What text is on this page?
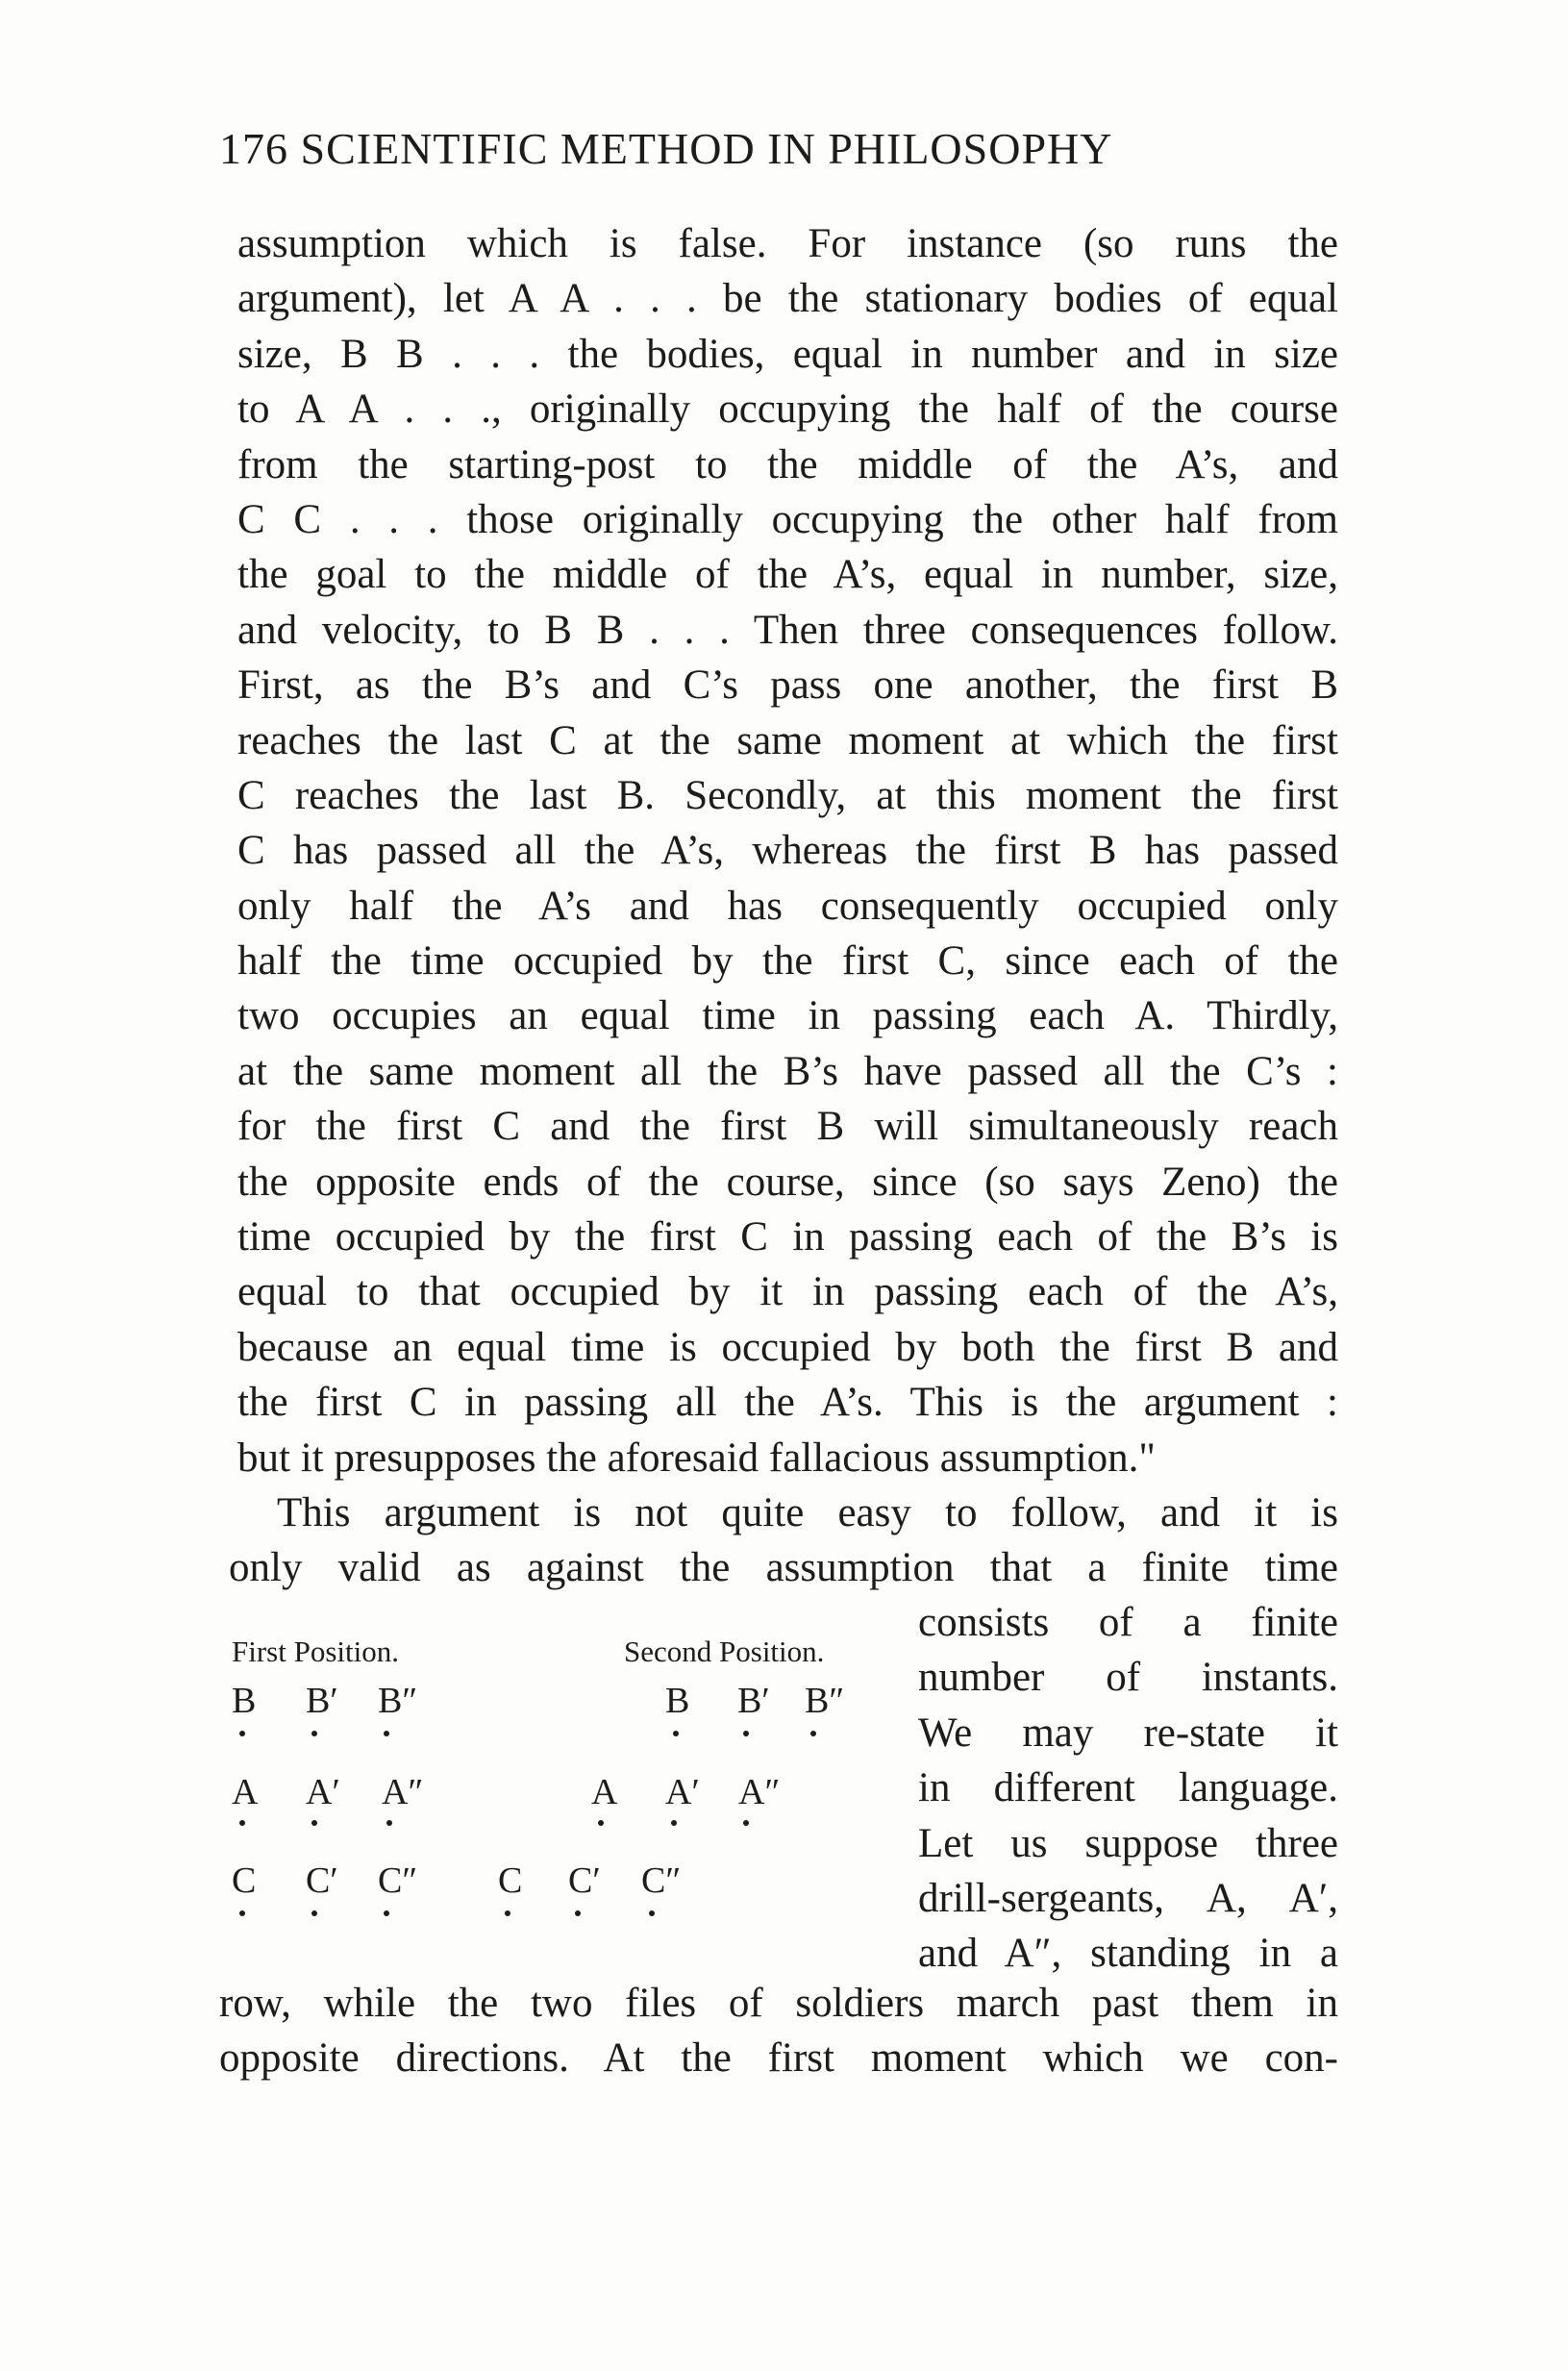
176 SCIENTIFIC METHOD IN PHILOSOPHY
assumption which is false. For instance (so runs the
argument), let A A . . . be the stationary bodies of equal
size, B B . . . the bodies, equal in number and in size
to A A . . ., originally occupying the half of the course
from the starting-post to the middle of the A’s, and
C C . . . those originally occupying the other half from
the goal to the middle of the A’s, equal in number, size,
and velocity, to B B . . . Then three consequences follow.
First, as the B’s and C’s pass one another, the first B
reaches the last C at the same moment at which the first
C reaches the last B. Secondly, at this moment the first
C has passed all the A’s, whereas the first B has passed
only half the A’s and has consequently occupied only
half the time occupied by the first C, since each of the
two occupies an equal time in passing each A. Thirdly,
at the same moment all the B’s have passed all the C’s :
for the first C and the first B will simultaneously reach
the opposite ends of the course, since (so says Zeno) the
time occupied by the first C in passing each of the B’s is
equal to that occupied by it in passing each of the A’s,
because an equal time is occupied by both the first B and
the first C in passing all the A’s. This is the argument :
but it presupposes the aforesaid fallacious assumption."
This argument is not quite easy to follow, and it is
only valid as against the assumption that a finite time
consists of a finite
number of instants.
We may re-state it
in different language.
Let us suppose three
drill-sergeants, A, A′,
and A″, standing in a
First Position.	Second Position.
B B′ B″
A A′ A″
C C′ C″
B B′ B″
A A′ A″
C C′ C″
row, while the two files of soldiers march past them in
opposite directions. At the first moment which we con-
